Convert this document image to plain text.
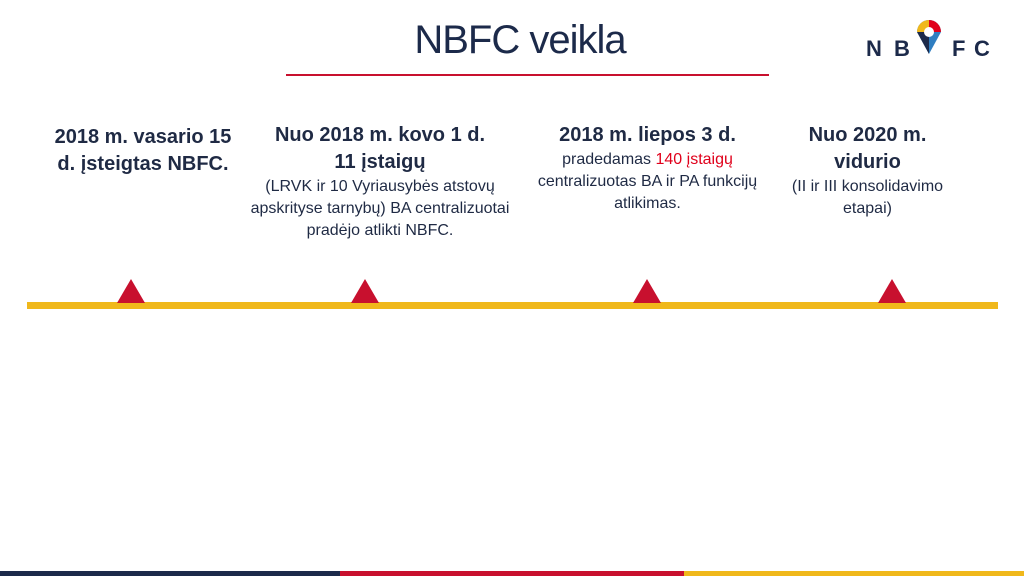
NBFC veikla	N B F C
2018 m. vasario 15 d. įsteigtas NBFC.
Nuo 2018 m. kovo 1 d.
11 įstaigų
(LRVK ir 10 Vyriausybės atstovų apskrityse tarnybų) BA centralizuotai pradėjo atlikti NBFC.
2018 m. liepos 3 d.
pradedamas 140 įstaigų centralizuotas BA ir PA funkcijų atlikimas.
Nuo 2020 m. vidurio
(II ir III konsolidavimo etapai)
